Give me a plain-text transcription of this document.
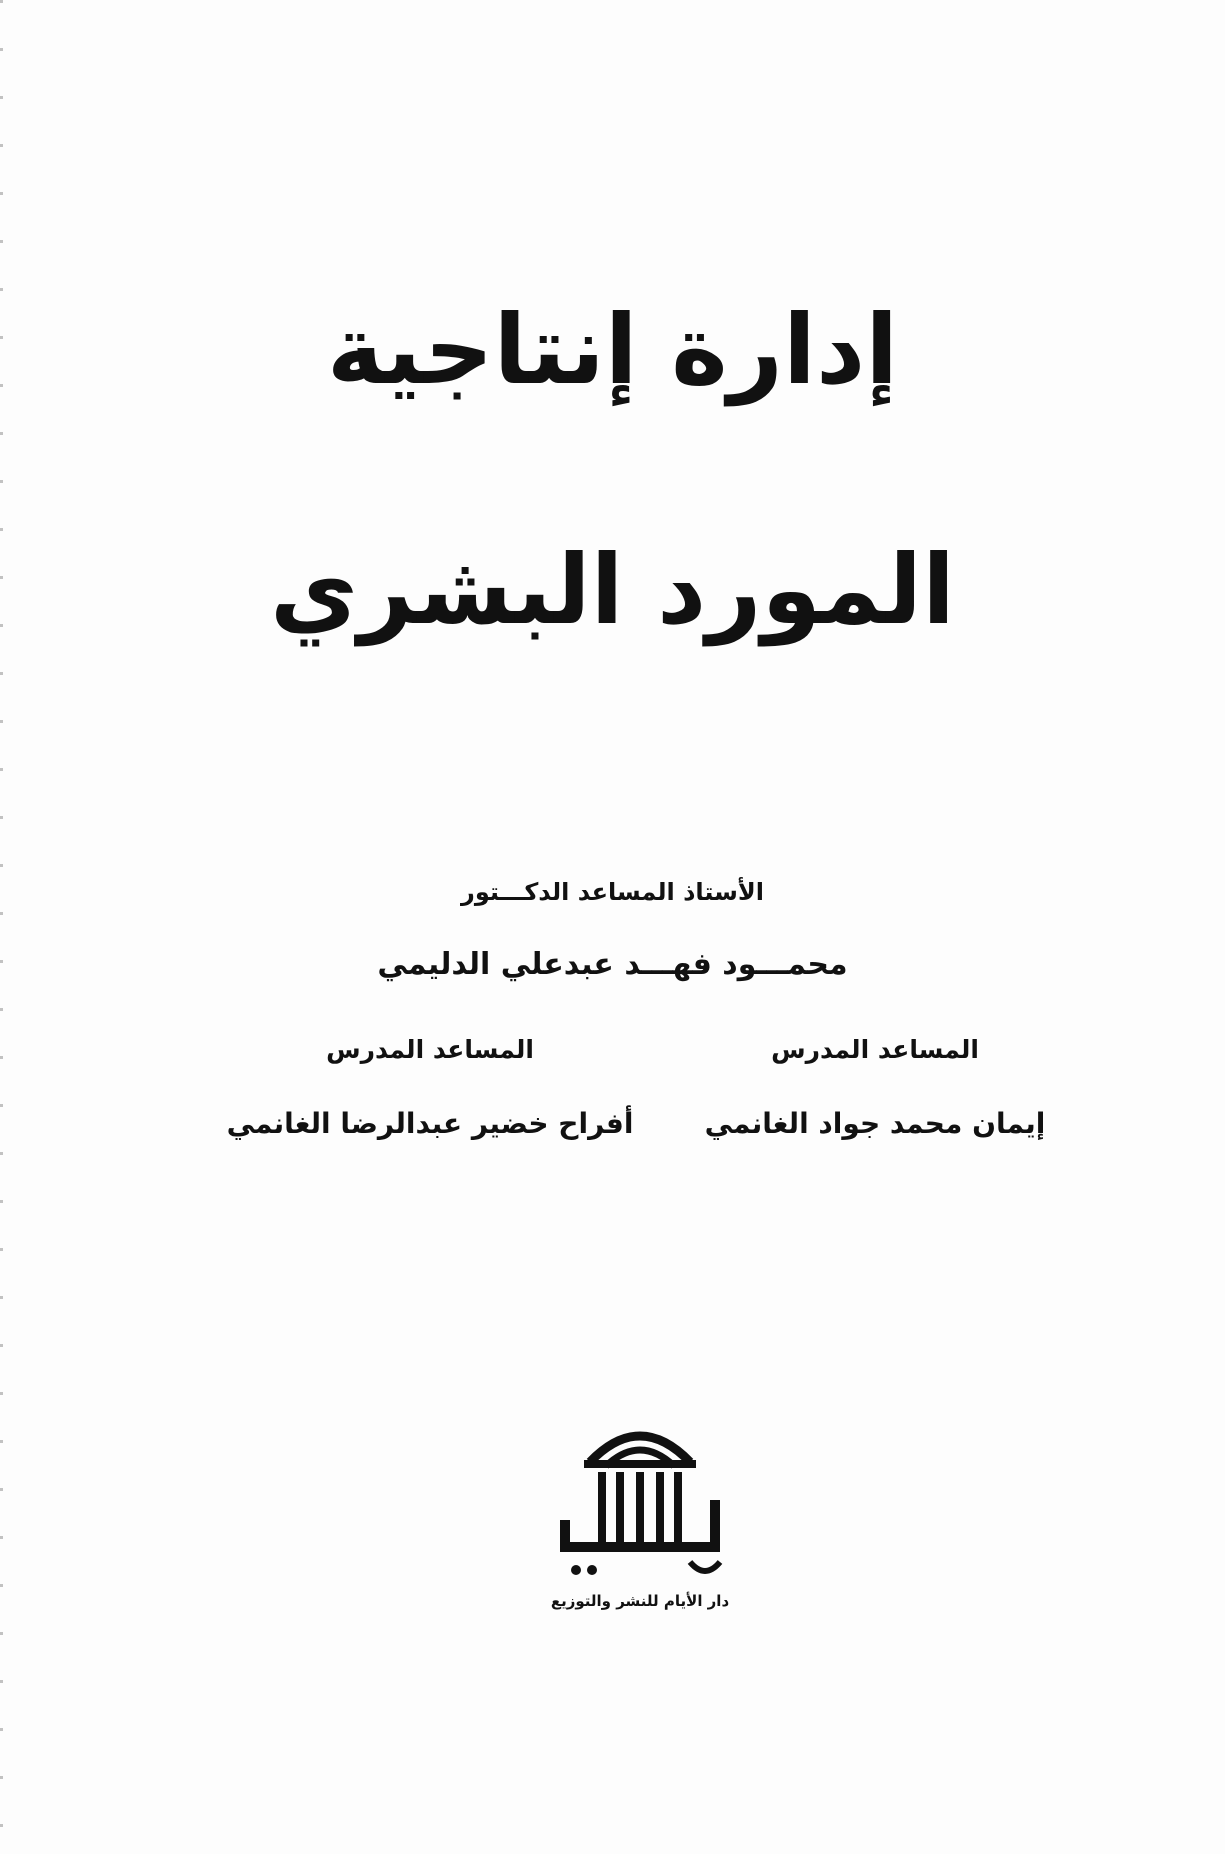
إدارة إنتاجية
المورد البشري
الأستاذ المساعد الدكـــتور
محمـــود فهـــد عبدعلي الدليمي
المساعد المدرس
المساعد المدرس
إيمان محمد جواد الغانمي
أفراح خضير عبدالرضا الغانمي
دار الأيام للنشر والتوزيع
